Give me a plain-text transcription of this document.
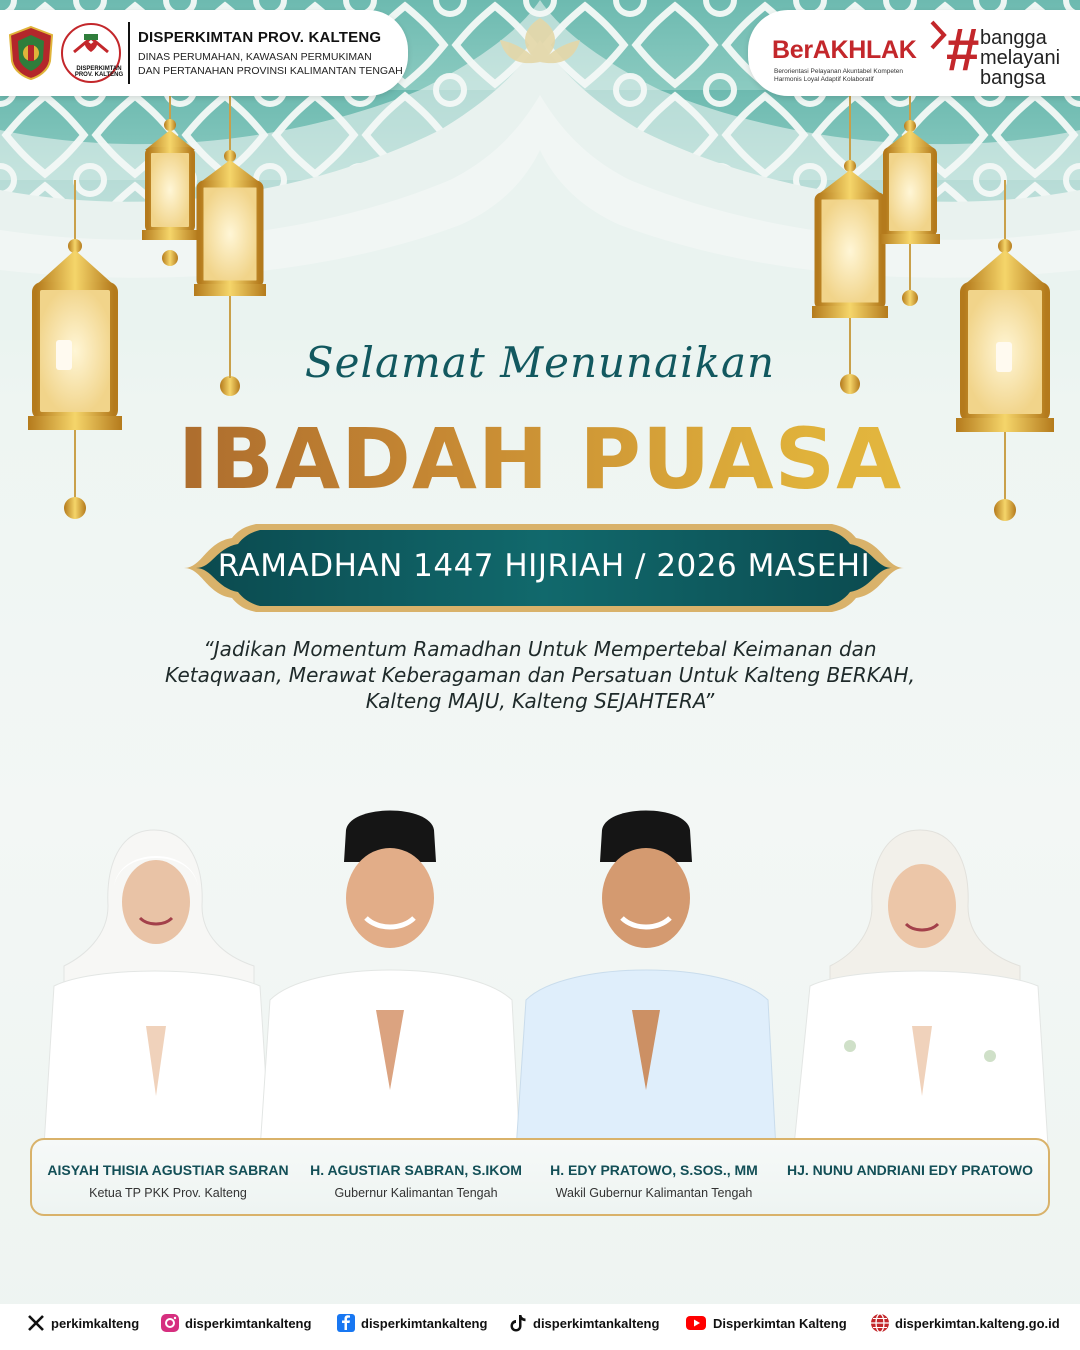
DISPERKIMTAN PROV. KALTENG
DINAS PERUMAHAN, KAWASAN PERMUKIMAN
DAN PERTANAHAN PROVINSI KALIMANTAN TENGAH
DISPERKIMTAN
PROV. KALTENG
BerAKHLAK
Berorientasi Pelayanan Akuntabel Kompeten
Harmonis Loyal Adaptif Kolaboratif	# bangga
melayani
bangsa
Selamat Menunaikan
IBADAH PUASA
RAMADHAN 1447 HIJRIAH / 2026 MASEHI
“Jadikan Momentum Ramadhan Untuk Mempertebal Keimanan dan
Ketaqwaan, Merawat Keberagaman dan Persatuan Untuk Kalteng BERKAH,
Kalteng MAJU, Kalteng SEJAHTERA”
AISYAH THISIA AGUSTIAR SABRAN
Ketua TP PKK Prov. Kalteng
H. AGUSTIAR SABRAN, S.IKOM
Gubernur Kalimantan Tengah
H. EDY PRATOWO, S.SOS., MM
Wakil Gubernur Kalimantan Tengah
HJ. NUNU ANDRIANI EDY PRATOWO
perkimkalteng	disperkimtankalteng	disperkimtankalteng	disperkimtankalteng	Disperkimtan Kalteng	disperkimtan.kalteng.go.id
